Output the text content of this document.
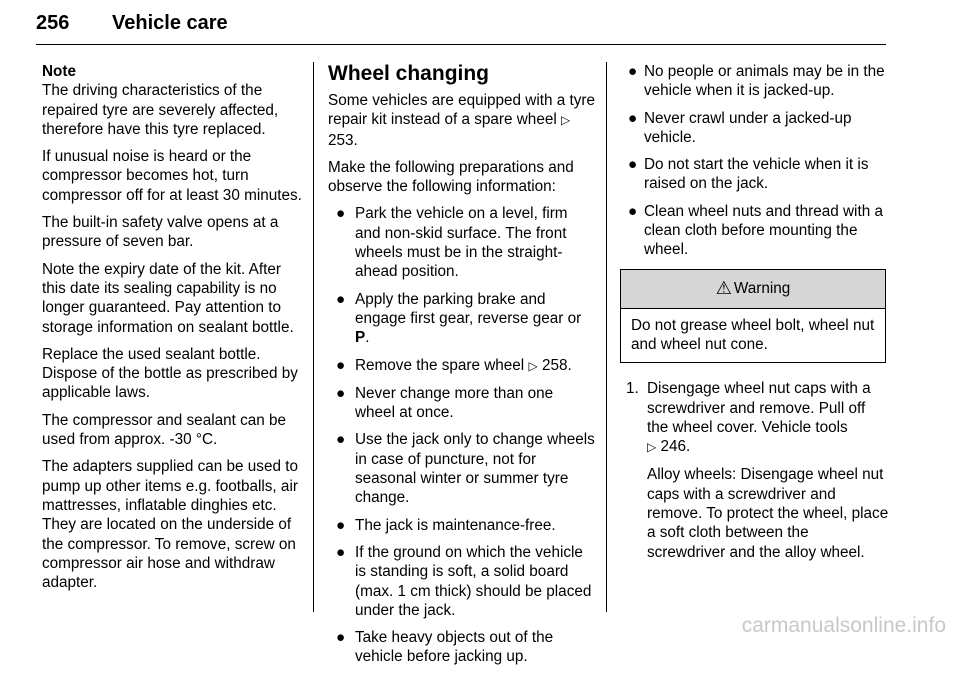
256 Vehicle care
Note

The driving characteristics of the repaired tyre are severely affected, therefore have this tyre replaced.

If unusual noise is heard or the compressor becomes hot, turn compressor off for at least 30 minutes.

The built-in safety valve opens at a pressure of seven bar.

Note the expiry date of the kit. After this date its sealing capability is no longer guaranteed. Pay attention to storage information on sealant bottle.

Replace the used sealant bottle. Dispose of the bottle as prescribed by applicable laws.

The compressor and sealant can be used from approx. -30 °C.

The adapters supplied can be used to pump up other items e.g. footballs, air mattresses, inflatable dinghies etc. They are located on the underside of the compressor. To remove, screw on compressor air hose and withdraw adapter.

Wheel changing

Some vehicles are equipped with a tyre repair kit instead of a spare wheel ▷ 253.

Make the following preparations and observe the following information:

● Park the vehicle on a level, firm and non-skid surface. The front wheels must be in the straight-ahead position.
● Apply the parking brake and engage first gear, reverse gear or P.
● Remove the spare wheel ▷ 258.
● Never change more than one wheel at once.
● Use the jack only to change wheels in case of puncture, not for seasonal winter or summer tyre change.
● The jack is maintenance-free.
● If the ground on which the vehicle is standing is soft, a solid board (max. 1 cm thick) should be placed under the jack.
● Take heavy objects out of the vehicle before jacking up.
● No people or animals may be in the vehicle when it is jacked-up.
● Never crawl under a jacked-up vehicle.
● Do not start the vehicle when it is raised on the jack.
● Clean wheel nuts and thread with a clean cloth before mounting the wheel.
⚠ Warning
Do not grease wheel bolt, wheel nut and wheel nut cone.
1. Disengage wheel nut caps with a screwdriver and remove. Pull off the wheel cover. Vehicle tools
▷ 246.

Alloy wheels: Disengage wheel nut caps with a screwdriver and remove. To protect the wheel, place a soft cloth between the screwdriver and the alloy wheel.

carmanualsonline.info
